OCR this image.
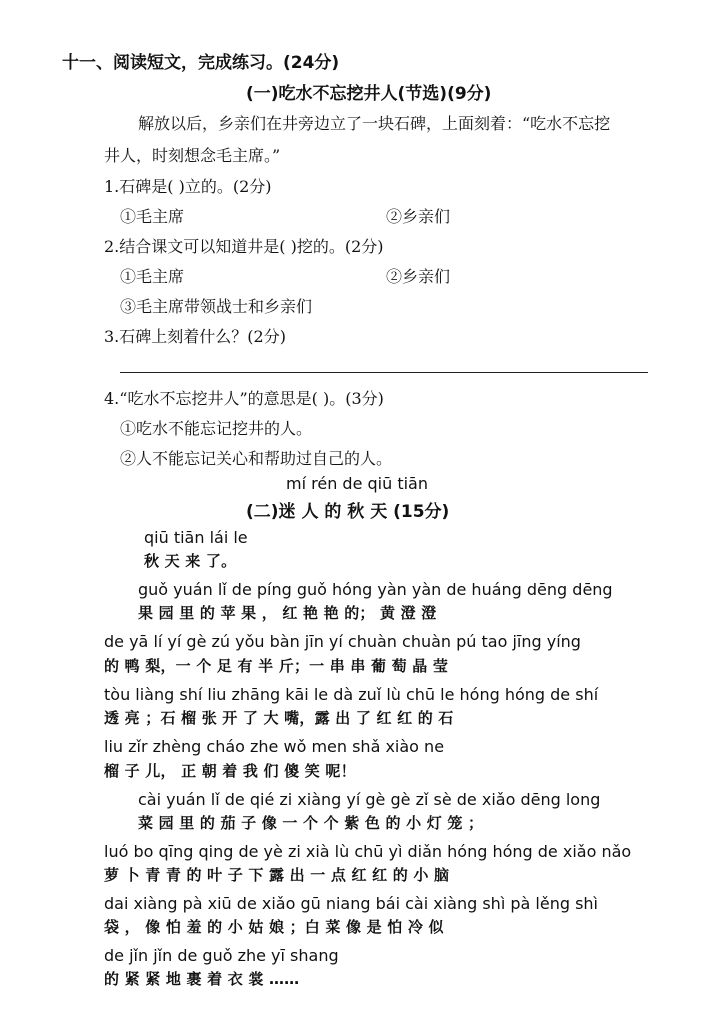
十一、阅读短文，完成练习。(24分)
(一)吃水不忘挖井人(节选)(9分)
解放以后，乡亲们在井旁边立了一块石碑，上面刻着：“吃水不忘挖
井人，时刻想念毛主席。”
1.石碑是( )立的。(2分)
①毛主席	②乡亲们
2.结合课文可以知道井是( )挖的。(2分)
①毛主席	②乡亲们
③毛主席带领战士和乡亲们
3.石碑上刻着什么？(2分)
4.“吃水不忘挖井人”的意思是( )。(3分)
①吃水不能忘记挖井的人。
②人不能忘记关心和帮助过自己的人。
mí rén de qiū tiān
(二)迷 人 的 秋 天 (15分)
qiū tiān lái le
秋 天 来 了。
guǒ yuán lǐ de píng guǒ hóng yàn yàn de huáng dēng dēng
果 园 里 的 苹 果 ， 红 艳 艳 的； 黄 澄 澄
de yā lí yí gè zú yǒu bàn jīn yí chuàn chuàn pú tao jīng yíng
的 鸭 梨，一 个 足 有 半 斤；一 串 串 葡 萄 晶 莹
tòu liàng shí liu zhāng kāi le dà zuǐ lù chū le hóng hóng de shí
透 亮 ；石 榴 张 开 了 大 嘴，露 出 了 红 红 的 石
liu zǐr zhèng cháo zhe wǒ men shǎ xiào ne
榴 子 儿， 正 朝 着 我 们 傻 笑 呢！
cài yuán lǐ de qié zi xiàng yí gè gè zǐ sè de xiǎo dēng long
菜 园 里 的 茄 子 像 一 个 个 紫 色 的 小 灯 笼 ；
luó bo qīng qing de yè zi xià lù chū yì diǎn hóng hóng de xiǎo nǎo
萝 卜 青 青 的 叶 子 下 露 出 一 点 红 红 的 小 脑
dai xiàng pà xiū de xiǎo gū niang bái cài xiàng shì pà lěng shì
袋 ， 像 怕 羞 的 小 姑 娘 ；白 菜 像 是 怕 冷 似
de jǐn jǐn de guǒ zhe yī shang
的 紧 紧 地 裹 着 衣 裳 ……
